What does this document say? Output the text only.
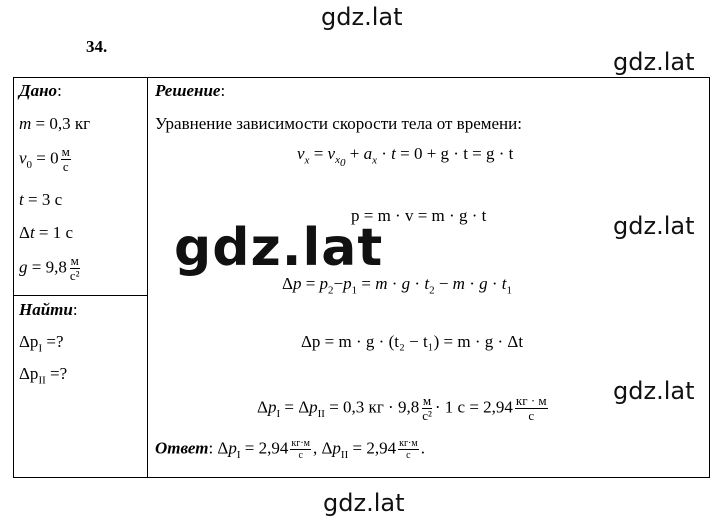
gdz.lat
gdz.lat
gdz.lat
gdz.lat
gdz.lat
gdz.lat
34.
Дано:
m = 0,3 кг
$v_0 = 0 \frac{м}{с}$
t = 3 с
Δt = 1 с
$g = 9,8 \frac{м}{\text{с²}}$
Найти:
$\Delta p_I$ =?
$\Delta p_{II}$ =?
Решение:
Уравнение зависимости скорости тела от времени:
$v_x = v_{x_0} + a_x \cdot t = 0 + g \cdot t = g \cdot t$
p = m · v = m · g · t
$\Delta p = p_2-p_1 = m \cdot g \cdot t_2 - m \cdot g \cdot t_1$
Δp = m · g · (t₂ − t₁) = m · g · Δt
$\Delta p_I = \Delta p_{II} = 0,3$ кг · $9,8 \frac{м}{\text{с²}} \cdot 1$ $с = 2,94 \frac{кг \cdot м}{с}$
Ответ: $\Delta p_I = 2,94 \frac{кг\cdot м}{с}$ , $\Delta p_{II} = 2,94 \frac{кг\cdot м}{с}$ .
